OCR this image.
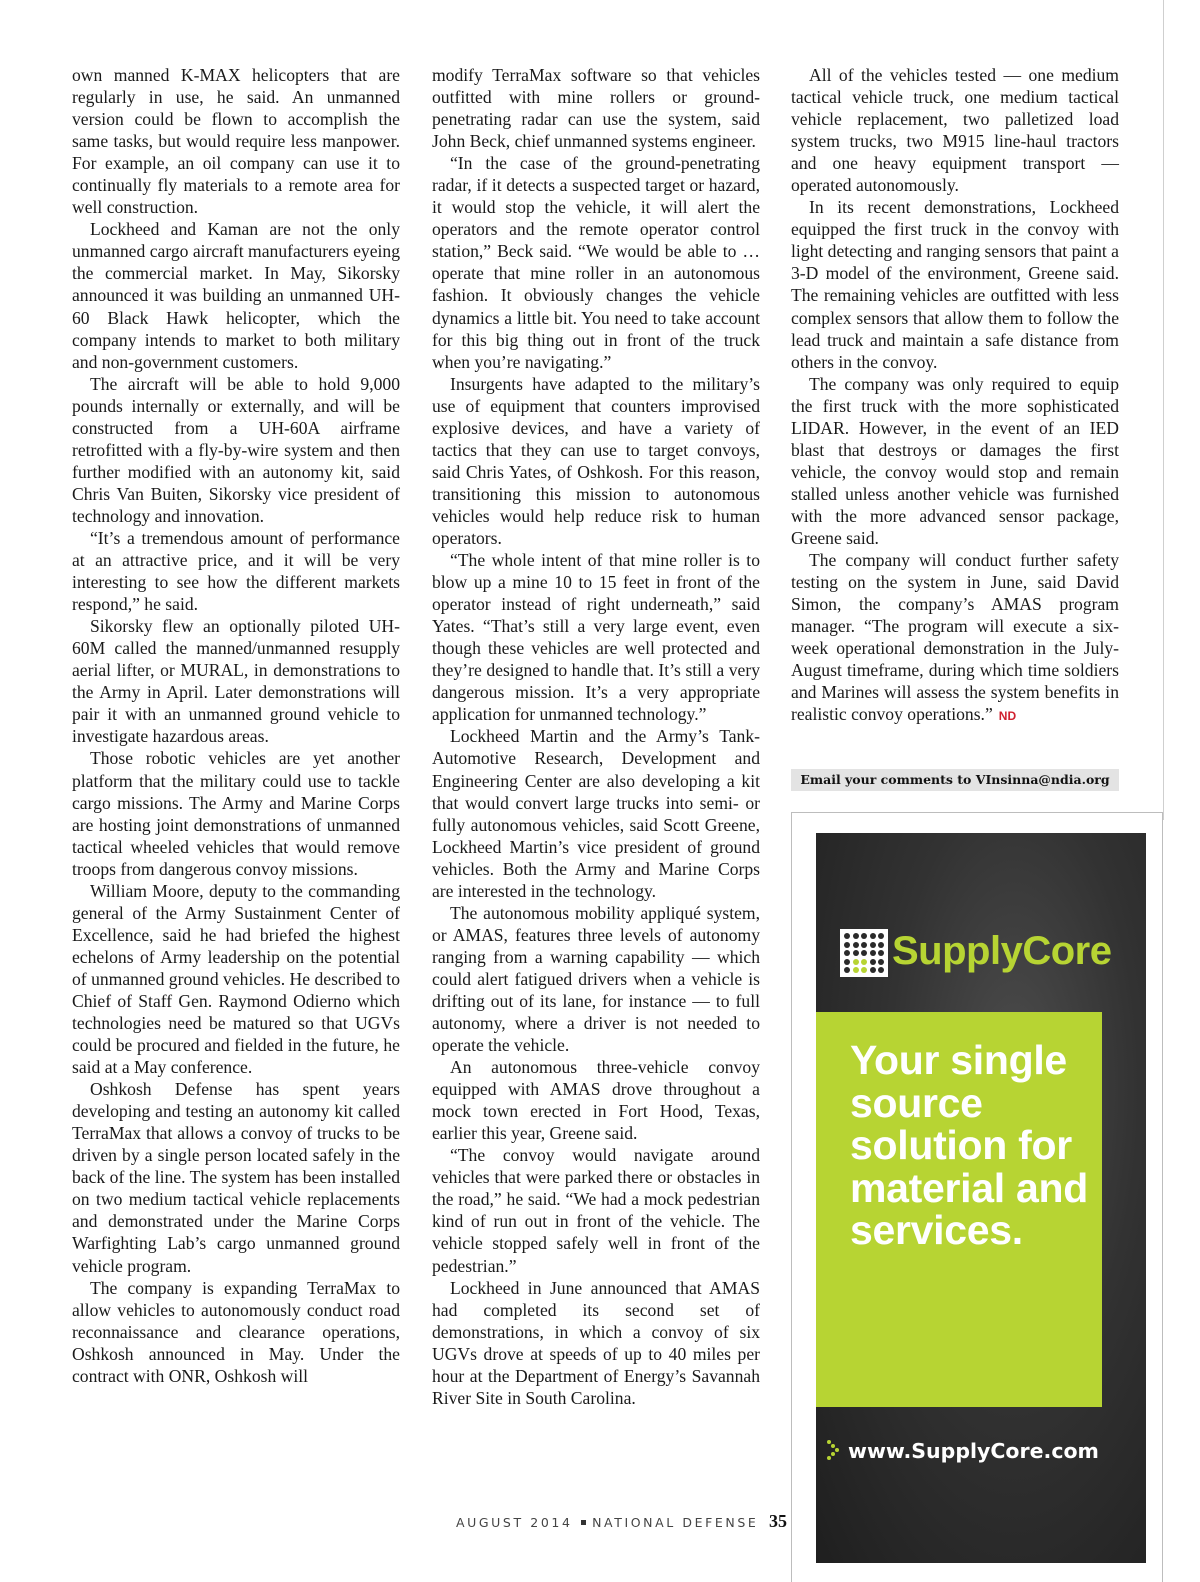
own manned K-MAX helicopters that are regularly in use, he said. An unmanned version could be flown to accomplish the same tasks, but would require less manpower. For example, an oil company can use it to continually fly materials to a remote area for well construction.

Lockheed and Kaman are not the only unmanned cargo aircraft manufacturers eyeing the commercial market. In May, Sikorsky announced it was building an unmanned UH-60 Black Hawk helicopter, which the company intends to market to both military and non-government customers.

The aircraft will be able to hold 9,000 pounds internally or externally, and will be constructed from a UH-60A airframe retrofitted with a fly-by-wire system and then further modified with an autonomy kit, said Chris Van Buiten, Sikorsky vice president of technology and innovation.

“It’s a tremendous amount of performance at an attractive price, and it will be very interesting to see how the different markets respond,” he said.

Sikorsky flew an optionally piloted UH-60M called the manned/unmanned resupply aerial lifter, or MURAL, in demonstrations to the Army in April. Later demonstrations will pair it with an unmanned ground vehicle to investigate hazardous areas.

Those robotic vehicles are yet another platform that the military could use to tackle cargo missions. The Army and Marine Corps are hosting joint demonstrations of unmanned tactical wheeled vehicles that would remove troops from dangerous convoy missions.

William Moore, deputy to the commanding general of the Army Sustainment Center of Excellence, said he had briefed the highest echelons of Army leadership on the potential of unmanned ground vehicles. He described to Chief of Staff Gen. Raymond Odierno which technologies need be matured so that UGVs could be procured and fielded in the future, he said at a May conference.

Oshkosh Defense has spent years developing and testing an autonomy kit called TerraMax that allows a convoy of trucks to be driven by a single person located safely in the back of the line. The system has been installed on two medium tactical vehicle replacements and demonstrated under the Marine Corps Warfighting Lab’s cargo unmanned ground vehicle program.

The company is expanding TerraMax to allow vehicles to autonomously conduct road reconnaissance and clearance operations, Oshkosh announced in May. Under the contract with ONR, Oshkosh will

modify TerraMax software so that vehicles outfitted with mine rollers or ground-penetrating radar can use the system, said John Beck, chief unmanned systems engineer.

“In the case of the ground-penetrating radar, if it detects a suspected target or hazard, it would stop the vehicle, it will alert the operators and the remote operator control station,” Beck said. “We would be able to … operate that mine roller in an autonomous fashion. It obviously changes the vehicle dynamics a little bit. You need to take account for this big thing out in front of the truck when you’re navigating.”

Insurgents have adapted to the military’s use of equipment that counters improvised explosive devices, and have a variety of tactics that they can use to target convoys, said Chris Yates, of Oshkosh. For this reason, transitioning this mission to autonomous vehicles would help reduce risk to human operators.

“The whole intent of that mine roller is to blow up a mine 10 to 15 feet in front of the operator instead of right underneath,” said Yates. “That’s still a very large event, even though these vehicles are well protected and they’re designed to handle that. It’s still a very dangerous mission. It’s a very appropriate application for unmanned technology.”

Lockheed Martin and the Army’s Tank-Automotive Research, Development and Engineering Center are also developing a kit that would convert large trucks into semi- or fully autonomous vehicles, said Scott Greene, Lockheed Martin’s vice president of ground vehicles. Both the Army and Marine Corps are interested in the technology.

The autonomous mobility appliqué system, or AMAS, features three levels of autonomy ranging from a warning capability — which could alert fatigued drivers when a vehicle is drifting out of its lane, for instance — to full autonomy, where a driver is not needed to operate the vehicle.

An autonomous three-vehicle convoy equipped with AMAS drove throughout a mock town erected in Fort Hood, Texas, earlier this year, Greene said.

“The convoy would navigate around vehicles that were parked there or obstacles in the road,” he said. “We had a mock pedestrian kind of run out in front of the vehicle. The vehicle stopped safely well in front of the pedestrian.”

Lockheed in June announced that AMAS had completed its second set of demonstrations, in which a convoy of six UGVs drove at speeds of up to 40 miles per hour at the Department of Energy’s Savannah River Site in South Carolina.

All of the vehicles tested — one medium tactical vehicle truck, one medium tactical vehicle replacement, two palletized load system trucks, two M915 line-haul tractors and one heavy equipment transport — operated autonomously.

In its recent demonstrations, Lockheed equipped the first truck in the convoy with light detecting and ranging sensors that paint a 3-D model of the environment, Greene said. The remaining vehicles are outfitted with less complex sensors that allow them to follow the lead truck and maintain a safe distance from others in the convoy.

The company was only required to equip the first truck with the more sophisticated LIDAR. However, in the event of an IED blast that destroys or damages the first vehicle, the convoy would stop and remain stalled unless another vehicle was furnished with the more advanced sensor package, Greene said.

The company will conduct further safety testing on the system in June, said David Simon, the company’s AMAS program manager. “The program will execute a six-week operational demonstration in the July-August timeframe, during which time soldiers and Marines will assess the system benefits in realistic convoy operations.” ND

Email your comments to VInsinna@ndia.org
SupplyCore

Your single source solution for material and services.

www.SupplyCore.com
AUGUST 2014 NATIONAL DEFENSE 35
